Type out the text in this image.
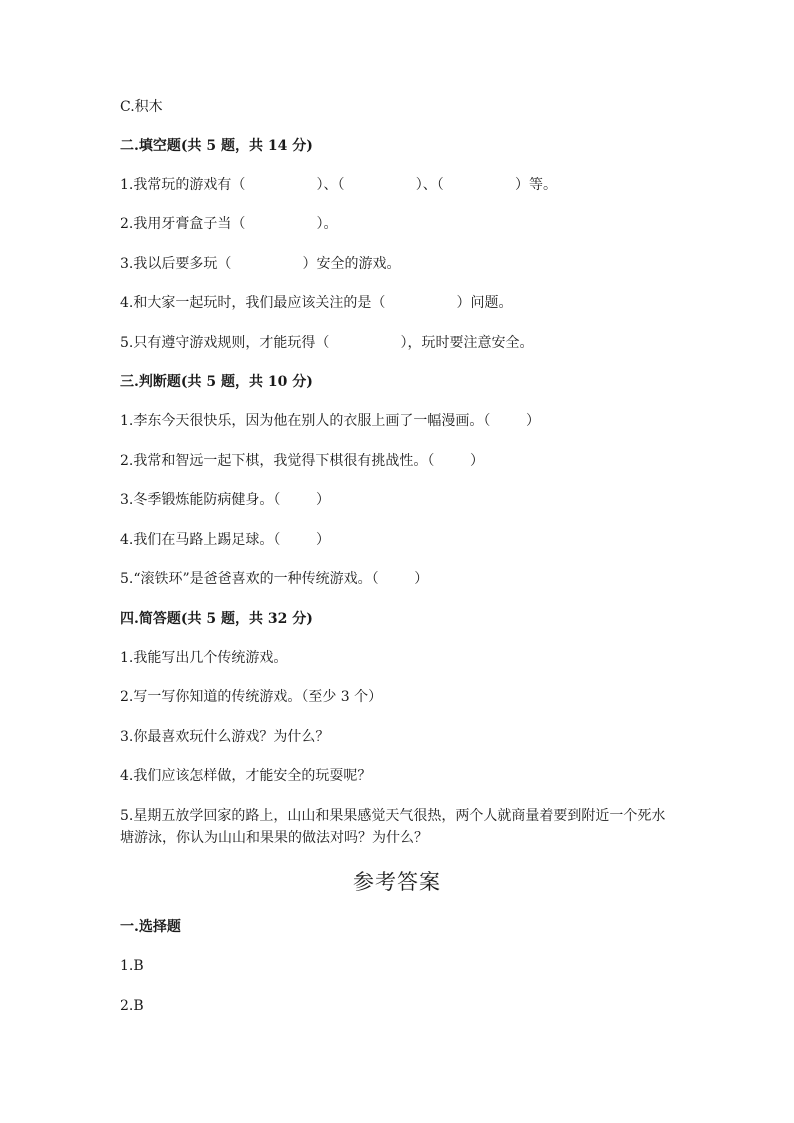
C.积木

二.填空题(共 5 题，共 14 分)

1.我常玩的游戏有（                ）、（                ）、（                ）等。

2.我用牙膏盒子当（                ）。

3.我以后要多玩（                ）安全的游戏。

4.和大家一起玩时，我们最应该关注的是（                ）问题。

5.只有遵守游戏规则，才能玩得（                ），玩时要注意安全。

三.判断题(共 5 题，共 10 分)

1.李东今天很快乐，因为他在别人的衣服上画了一幅漫画。（        ）

2.我常和智远一起下棋，我觉得下棋很有挑战性。（        ）

3.冬季锻炼能防病健身。（        ）

4.我们在马路上踢足球。（        ）

5.“滚铁环”是爸爸喜欢的一种传统游戏。（        ）

四.简答题(共 5 题，共 32 分)

1.我能写出几个传统游戏。

2.写一写你知道的传统游戏。（至少 3 个）

3.你最喜欢玩什么游戏？为什么？

4.我们应该怎样做，才能安全的玩耍呢？

5.星期五放学回家的路上，山山和果果感觉天气很热，两个人就商量着要到附近一个死水塘游泳，你认为山山和果果的做法对吗？为什么？

参考答案

一.选择题

1.B

2.B
